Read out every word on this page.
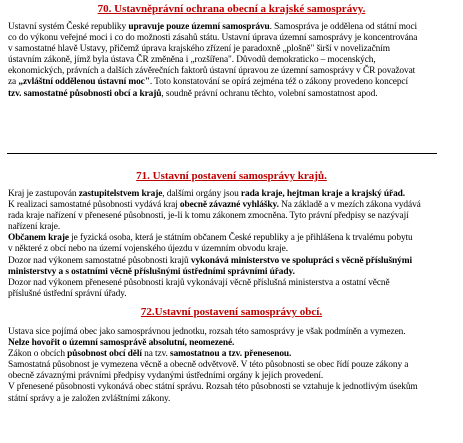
70. Ustavněprávní ochrana obecní a krajské samosprávy.
Ustavní systém České republiky upravuje pouze územní samosprávu. Samospráva je oddělena od státní moci
co do výkonu veřejné moci i co do možnosti zásahů státu. Ustavní úprava územní samosprávy je koncentrována
v samostatné hlavě Ustavy, přičemž úprava krajského zřízení je paradoxně „plošně" širší v novelizačním
ústavním zákoně, jímž byla ústava ČR změněna i „rozšířena". Důvodů demokraticko – mocenských,
ekonomických, právních a dalších závěrečních faktorů ústavní úpravou ze územní samosprávy v ČR považovat
za „zvláštní oddělenou ústavní moc". Toto konstatování se opírá zejména též o zákony provedeno koncepcí
tzv. samostatné působnosti obcí a krajů, soudně právní ochranu těchto, volební samostatnost apod.
71. Ustavní postavení samosprávy krajů.
Kraj je zastupován zastupitelstvem kraje, dalšími orgány jsou rada kraje, hejtman kraje a krajský úřad.
K realizaci samostatné působnosti vydává kraj obecně závazné vyhlášky. Na základě a v mezích zákona vydává
rada kraje nařízení v přenesené působnosti, je-li k tomu zákonem zmocněna. Tyto právní předpisy se nazývají
nařízení kraje.
Občanem kraje je fyzická osoba, která je státním občanem České republiky a je přihlášena k trvalému pobytu
v některé z obcí nebo na území vojenského újezdu v územním obvodu kraje.
Dozor nad výkonem samostatné působnosti krajů vykonává ministerstvo ve spolupráci s věcně příslušnými
ministerstvy a s ostatními věcně příslušnými ústředními správními úřady.
Dozor nad výkonem přenesené působnosti krajů vykonávají věcně příslušná ministerstva a ostatní věcně
příslušné ústřední správní úřady.
72.Ustavní postavení samosprávy obcí.
Ustava sice pojímá obec jako samosprávnou jednotku, rozsah této samosprávy je však podmíněn a vymezen.
Nelze hovořit o územní samosprávě absolutní, neomezené.
Zákon o obcích působnost obcí dělí na tzv. samostatnou a tzv. přenesenou.
Samostatná působnost je vymezena věcně a obecně odvětvově. V této působnosti se obec řídí pouze zákony a
obecně závaznými právními předpisy vydanými ústředními orgány k jejich provedení.
V přenesené působnosti vykonává obec státní správu. Rozsah této působnosti se vztahuje k jednotlivým úsekům
státní správy a je založen zvláštními zákony.
